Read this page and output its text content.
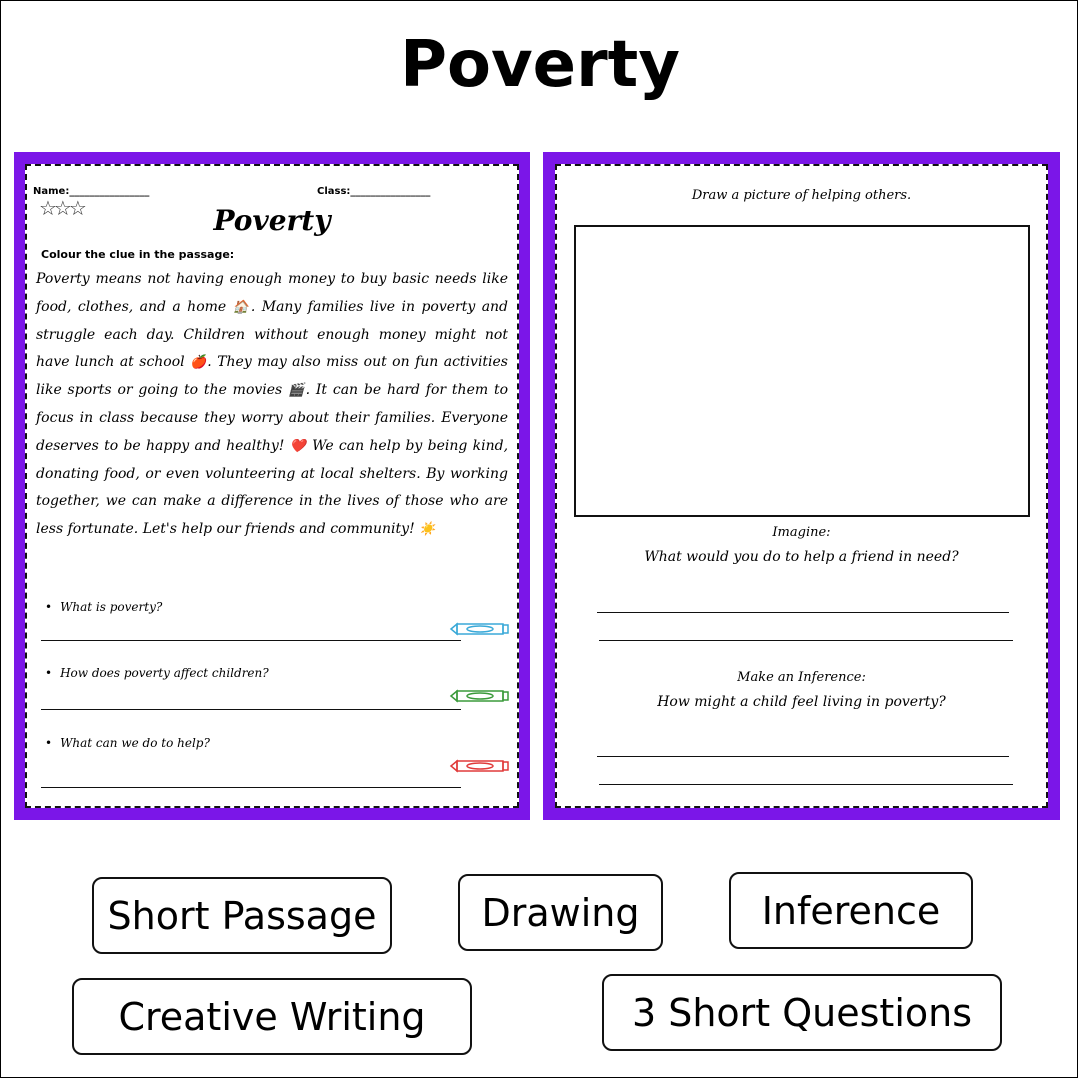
Poverty
Name:________________	Class:________________
☆☆☆	Poverty
Colour the clue in the passage:
Poverty means not having enough money to buy basic needs like food, clothes, and a home 🏠. Many families live in poverty and struggle each day. Children without enough money might not have lunch at school 🍎. They may also miss out on fun activities like sports or going to the movies 🎬. It can be hard for them to focus in class because they worry about their families. Everyone deserves to be happy and healthy! ❤️ We can help by being kind, donating food, or even volunteering at local shelters. By working together, we can make a difference in the lives of those who are less fortunate. Let's help our friends and community! ☀️
• What is poverty?
• How does poverty affect children?
• What can we do to help?
Draw a picture of helping others.
Imagine:
What would you do to help a friend in need?
Make an Inference:
How might a child feel living in poverty?
Short Passage	Drawing	Inference
Creative Writing	3 Short Questions
